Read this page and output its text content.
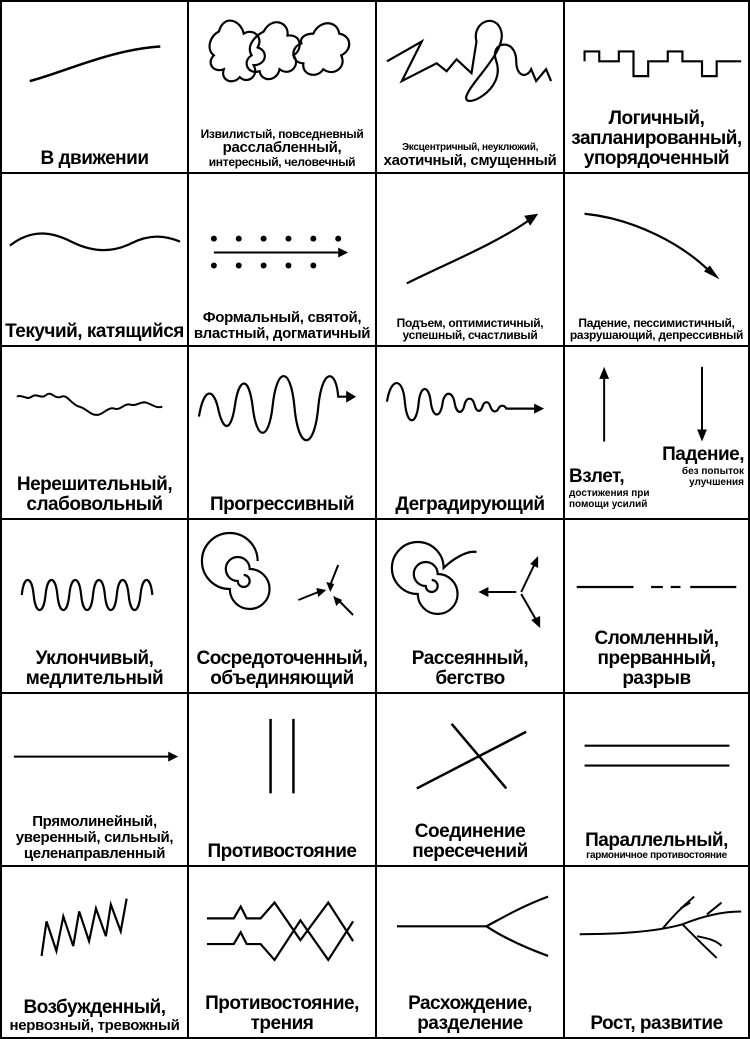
В движении
Извилистый, повседневный
расслабленный,
интересный, человечный
Эксцентричный, неуклюжий,
хаотичный, смущенный
Логичный,
запланированный,
упорядоченный
Текучий, катящийся
Формальный, святой,
властный, догматичный
Подъем, оптимистичный,
успешный, счастливый
Падение, пессимистичный,
разрушающий, депрессивный
Нерешительный,
слабовольный	Прогрессивный	Деградирующий
Взлет,
достижения при
помощи усилий
Падение,
без попыток
улучшения
Уклончивый,
медлительный
Сосредоточенный,
объединяющий
Рассеянный,
бегство
Сломленный,
прерванный,
разрыв
Прямолинейный,
уверенный, сильный,
целенаправленный	Противостояние
Соединение
пересечений
Параллельный,
гармоничное противостояние
Возбужденный,
нервозный, тревожный
Противостояние,
трения
Расхождение,
разделение	Рост, развитие
